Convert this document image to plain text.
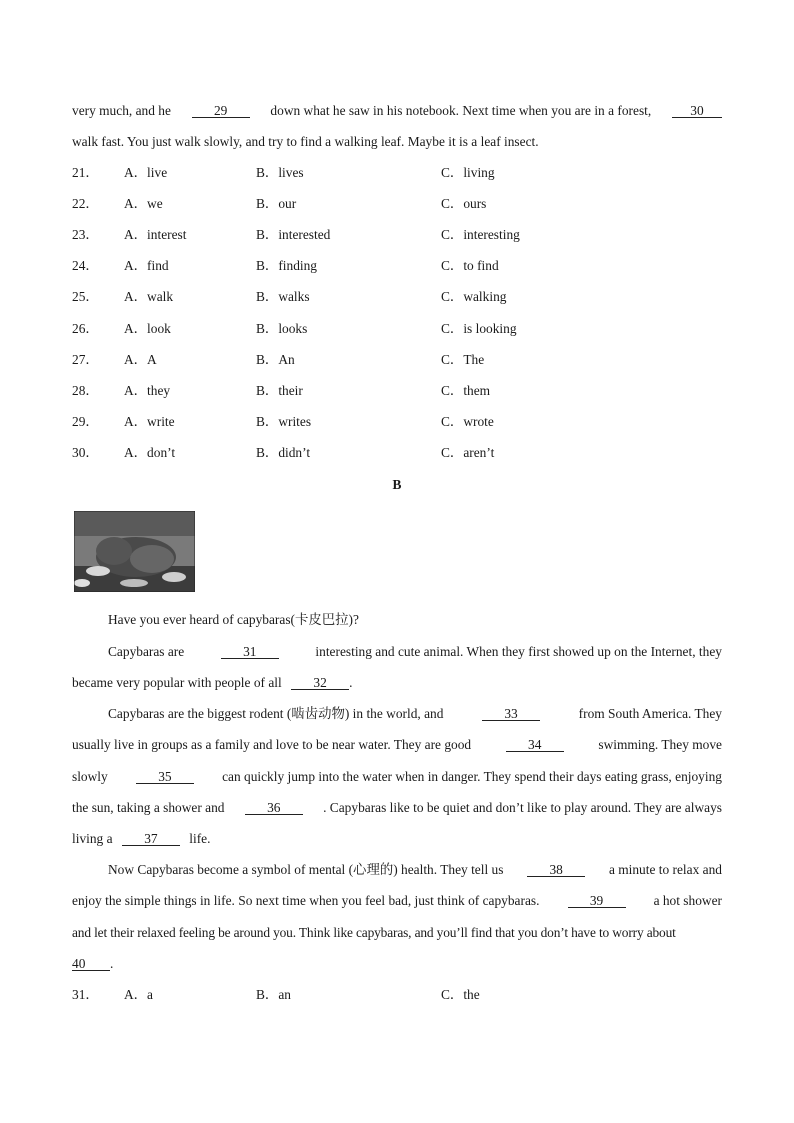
very much, and he	29	down what he saw in his notebook. Next time when you are in a forest,	30
walk fast. You just walk slowly, and try to find a walking leaf. Maybe it is a leaf insect.
21． A．live	B．lives	C．living
22． A．we	B．our	C．ours
23． A．interest	B．interested	C．interesting
24． A．find	B．finding	C．to find
25． A．walk	B．walks	C．walking
26． A．look	B．looks	C．is looking
27． A．A	B．An	C．The
28． A．they	B．their	C．them
29． A．write	B．writes	C．wrote
30． A．don’t	B．didn’t	C．aren’t
B
Have you ever heard of capybaras(卡皮巴拉)?
Capybaras are	31	interesting and cute animal. When they first showed up on the Internet, they
became very popular with people of all 32 .
Capybaras are the biggest rodent (啮齿动物) in the world, and	33	from South America. They
usually live in groups as a family and love to be near water. They are good	34	swimming. They move
slowly	35	can quickly jump into the water when in danger. They spend their days eating grass, enjoying
the sun, taking a shower and	36	. Capybaras like to be quiet and don’t like to play around. They are always
living a 37 life.
Now Capybaras become a symbol of mental (心理的) health. They tell us	38	a minute to relax and
enjoy the simple things in life. So next time when you feel bad, just think of capybaras.	39	a hot shower
and let their relaxed feeling be around you. Think like capybaras, and you’ll find that you don’t have to worry about
40 .
31． A．a	B．an	C．the
